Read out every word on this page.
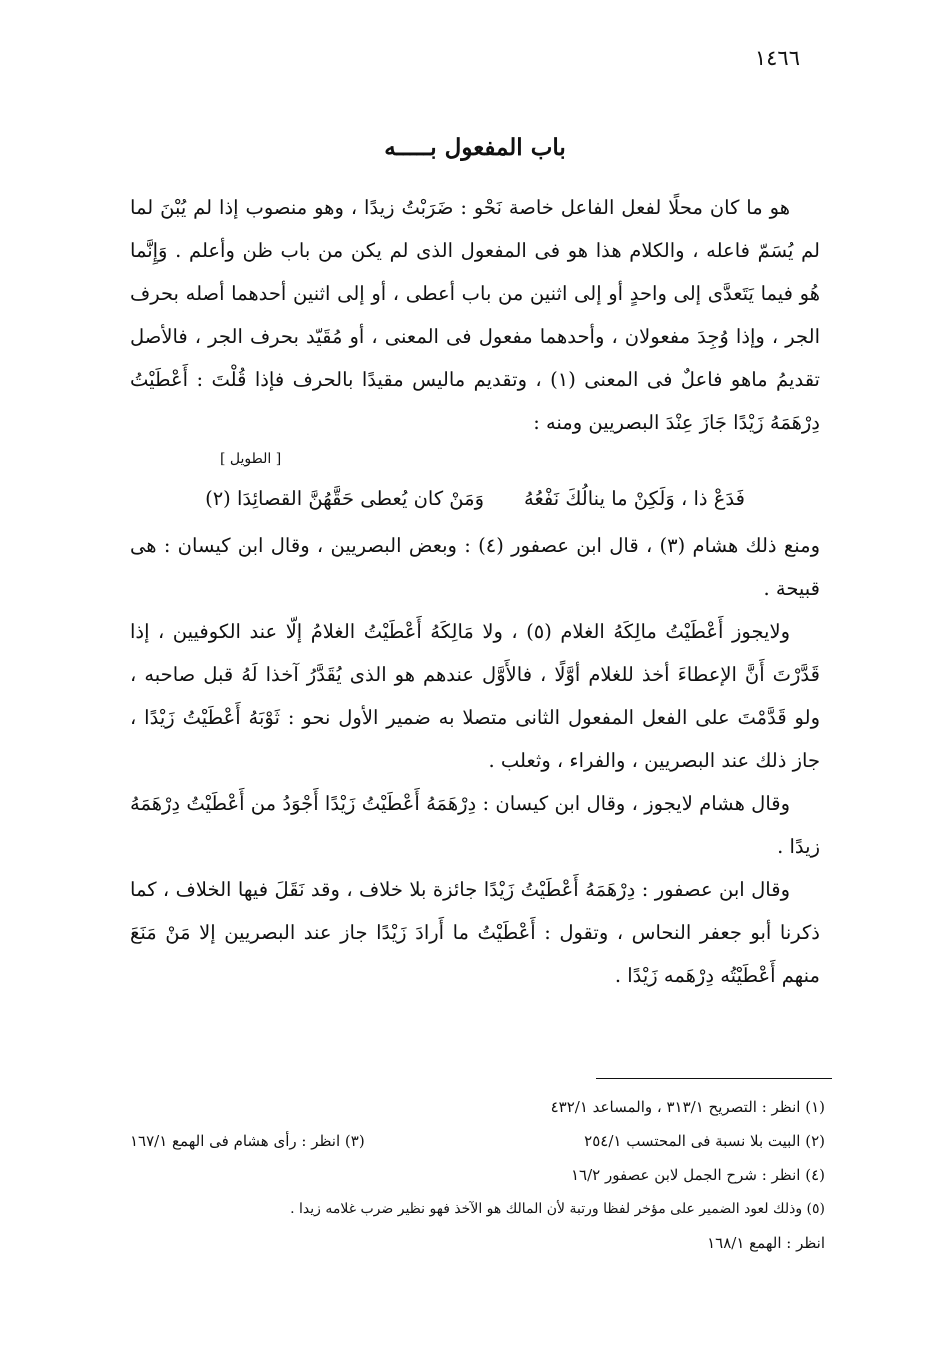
١٤٦٦
باب المفعول بـــــه

هو ما كان محلًا لفعل الفاعل خاصة نَحْو : ضَرَبْتُ زيدًا ، وهو منصوب إذا لم يُبْنَ لما لم يُسَمّ فاعله ، والكلام هذا هو فى المفعول الذى لم يكن من باب ظن وأعلم . وَإِنَّما هُو فيما يَتَعدَّى إلى واحدٍ أو إلى اثنين من باب أعطى ، أو إلى اثنين أحدهما أصله بحرف الجر ، وإذا وُجِدَ مفعولان ، وأحدهما مفعول فى المعنى ، أو مُقَيّد بحرف الجر ، فالأصل تقديمُ ماهو فاعلٌ فى المعنى (١) ، وتقديم ماليس مقيدًا بالحرف فإذا قُلْتَ : أَعْطَيْتُ دِرْهَمَهُ زَيْدًا جَازَ عِنْدَ البصريين ومنه :

[ الطويل ]

فَدَعْ ذا ، وَلَكِنْ ما ينالُكَ نَفْعُهُ
وَمَنْ كان يُعطى حَقَّهُنَّ القصائِدَا (٢)

ومنع ذلك هشام (٣) ، قال ابن عصفور (٤) : وبعض البصريين ، وقال ابن كيسان : هى قبيحة .

ولايجوز أَعْطَيْتُ مالِكَهُ الغلام (٥) ، ولا مَالِكَهُ أَعْطَيْتُ الغلامُ إلّا عند الكوفيين ، إذا قَدَّرْتَ أَنَّ الإعطاءَ أخذ للغلام أوَّلًا ، فالأَوَّل عندهم هو الذى يُقَدَّرُ آخذا لَهُ قبل صاحبه ، ولو قَدَّمْتَ على الفعل المفعول الثانى متصلا به ضمير الأول نحو : ثَوْبَهُ أَعْطَيْتُ زَيْدًا ، جاز ذلك عند البصريين ، والفراء ، وثعلب .

وقال هشام لايجوز ، وقال ابن كيسان : دِرْهَمَهُ أَعْطَيْتُ زَيْدًا أَجْوَدُ من أَعْطَيْتُ دِرْهَمَهُ زيدًا .

وقال ابن عصفور : دِرْهَمَهُ أَعْطَيْتُ زَيْدًا جائزة بلا خلاف ، وقد نَقَلَ فيها الخلاف ، كما ذكرنا أبو جعفر النحاس ، وتقول : أَعْطَيْتُ ما أَرادَ زَيْدًا جاز عند البصريين إلا مَنْ مَنَعَ منهم أَعْطَيْتُه دِرْهَمه زَيْدًا .

(١) انظر : التصريح ٣١٣/١ ، والمساعد ٤٣٢/١
(٢) البيت بلا نسبة فى المحتسب ٢٥٤/١
(٣) انظر : رأى هشام فى الهمع ١٦٧/١
(٤) انظر : شرح الجمل لابن عصفور ١٦/٢
(٥) وذلك لعود الضمير على مؤخر لفظا ورتبة لأن المالك هو الآخذ فهو نظير ضرب غلامه زيدا .
انظر : الهمع ١٦٨/١
